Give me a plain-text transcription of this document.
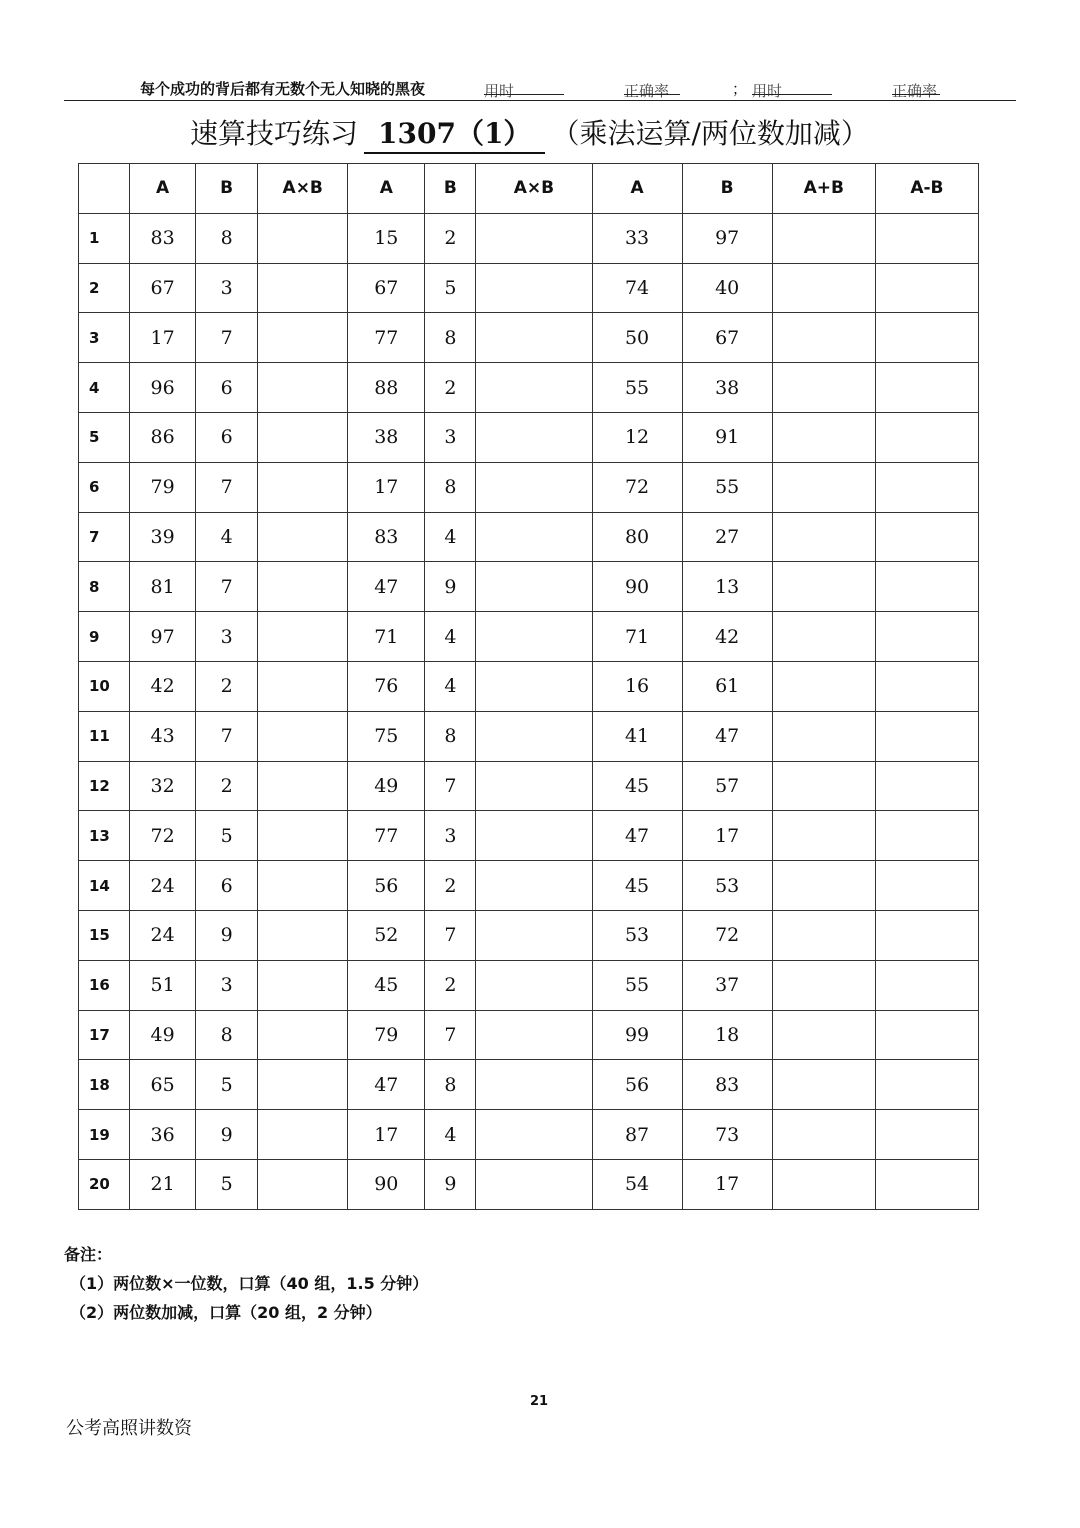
每个成功的背后都有无数个无人知晓的黑夜	用时	正确率	； 用时	正确率
速算技巧练习 1307（1） （乘法运算/两位数加减）
	A	B	A×B	A	B	A×B	A	B	A+B	A-B
1	83	8		15	2		33	97		
2	67	3		67	5		74	40		
3	17	7		77	8		50	67		
4	96	6		88	2		55	38		
5	86	6		38	3		12	91		
6	79	7		17	8		72	55		
7	39	4		83	4		80	27		
8	81	7		47	9		90	13		
9	97	3		71	4		71	42		
10	42	2		76	4		16	61		
11	43	7		75	8		41	47		
12	32	2		49	7		45	57		
13	72	5		77	3		47	17		
14	24	6		56	2		45	53		
15	24	9		52	7		53	72		
16	51	3		45	2		55	37		
17	49	8		79	7		99	18		
18	65	5		47	8		56	83		
19	36	9		17	4		87	73		
20	21	5		90	9		54	17		
备注：
（1）两位数×一位数，口算（40 组，1.5 分钟）
（2）两位数加减，口算（20 组，2 分钟）
21
公考高照讲数资
